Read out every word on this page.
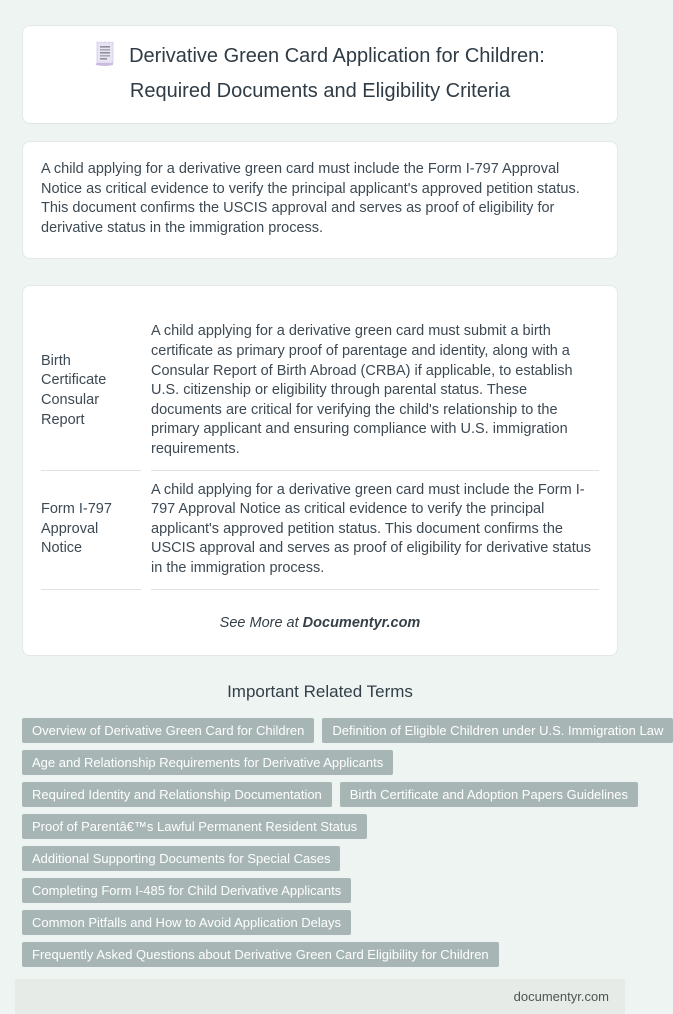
Derivative Green Card Application for Children: Required Documents and Eligibility Criteria
A child applying for a derivative green card must include the Form I-797 Approval Notice as critical evidence to verify the principal applicant's approved petition status. This document confirms the USCIS approval and serves as proof of eligibility for derivative status in the immigration process.
Birth Certificate Consular Report
A child applying for a derivative green card must submit a birth certificate as primary proof of parentage and identity, along with a Consular Report of Birth Abroad (CRBA) if applicable, to establish U.S. citizenship or eligibility through parental status. These documents are critical for verifying the child's relationship to the primary applicant and ensuring compliance with U.S. immigration requirements.
Form I-797 Approval Notice
A child applying for a derivative green card must include the Form I-797 Approval Notice as critical evidence to verify the principal applicant's approved petition status. This document confirms the USCIS approval and serves as proof of eligibility for derivative status in the immigration process.
See More at Documentyr.com
Important Related Terms
Overview of Derivative Green Card for Children	Definition of Eligible Children under U.S. Immigration Law
Age and Relationship Requirements for Derivative Applicants
Required Identity and Relationship Documentation	Birth Certificate and Adoption Papers Guidelines
Proof of Parentâ€™s Lawful Permanent Resident Status
Additional Supporting Documents for Special Cases
Completing Form I-485 for Child Derivative Applicants
Common Pitfalls and How to Avoid Application Delays
Frequently Asked Questions about Derivative Green Card Eligibility for Children
documentyr.com
